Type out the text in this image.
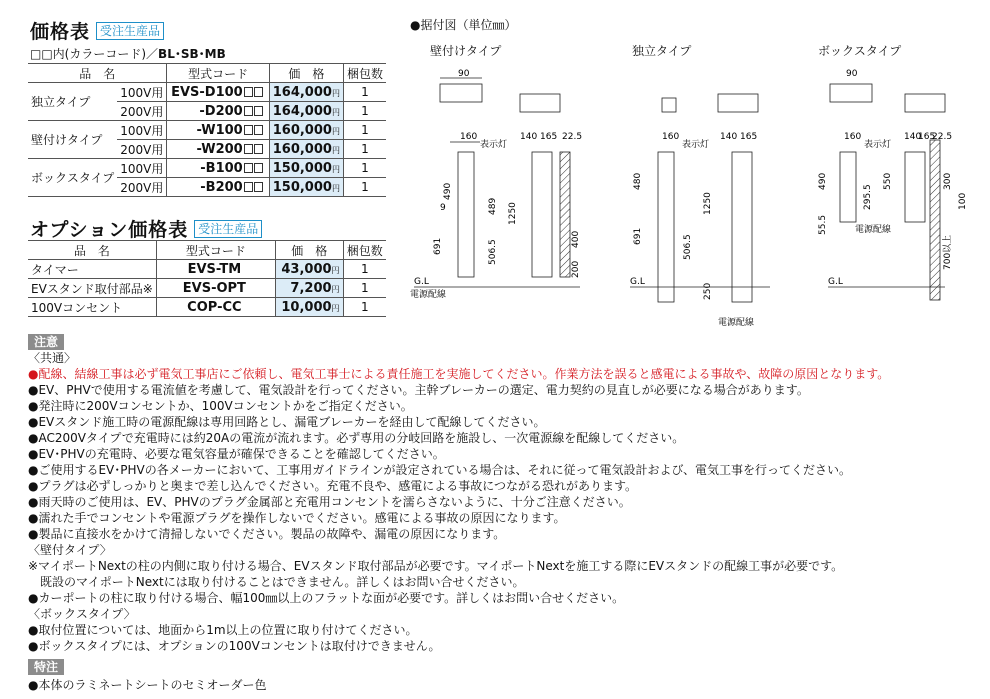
価格表 受注生産品
□□内(カラーコード)／BL･SB･MB
品　名		型式コード	価　格	梱包数
独立タイプ	100V用	EVS-D100	164,000円	1
	200V用	-D200	164,000円	1
壁付けタイプ	100V用	-W100	160,000円	1
	200V用	-W200	160,000円	1
ボックスタイプ	100V用	-B100	150,000円	1
	200V用	-B200	150,000円	1
オプション価格表 受注生産品
品　名	型式コード	価　格	梱包数
タイマー	EVS-TM	43,000円	1
EVスタンド取付部品※	EVS-OPT	7,200円	1
100Vコンセント	COP-CC	10,000円	1
●据付図（単位㎜）
壁付けタイプ	独立タイプ	ボックスタイプ
90
160
表示灯
140 165 22.5
490
9	489 1250
691	506.5	400
200
G.L
電源配線
160
表示灯
140 165
480
691
1250
506.5
250
G.L
電源配線
90
160
表示灯
140
165
22.5
490
295.5
550	300
100
700以上
55.5	電源配線
G.L
注意
〈共通〉
●配線、結線工事は必ず電気工事店にご依頼し、電気工事士による責任施工を実施してください。作業方法を誤ると感電による事故や、故障の原因となります。
●EV、PHVで使用する電流値を考慮して、電気設計を行ってください。主幹ブレーカーの選定、電力契約の見直しが必要になる場合があります。
●発注時に200Vコンセントか、100Vコンセントかをご指定ください。
●EVスタンド施工時の電源配線は専用回路とし、漏電ブレーカーを経由して配線してください。
●AC200Vタイプで充電時には約20Aの電流が流れます。必ず専用の分岐回路を施設し、一次電源線を配線してください。
●EV･PHVの充電時、必要な電気容量が確保できることを確認してください。
●ご使用するEV･PHVの各メーカーにおいて、工事用ガイドラインが設定されている場合は、それに従って電気設計および、電気工事を行ってください。
●プラグは必ずしっかりと奥まで差し込んでください。充電不良や、感電による事故につながる恐れがあります。
●雨天時のご使用は、EV、PHVのプラグ金属部と充電用コンセントを濡らさないように、十分ご注意ください。
●濡れた手でコンセントや電源プラグを操作しないでください。感電による事故の原因になります。
●製品に直接水をかけて清掃しないでください。製品の故障や、漏電の原因になります。
〈壁付タイプ〉
※マイポートNextの柱の内側に取り付ける場合、EVスタンド取付部品が必要です。マイポートNextを施工する際にEVスタンドの配線工事が必要です。
　既設のマイポートNextには取り付けることはできません。詳しくはお問い合せください。
●カーポートの柱に取り付ける場合、幅100㎜以上のフラットな面が必要です。詳しくはお問い合せください。
〈ボックスタイプ〉
●取付位置については、地面から1m以上の位置に取り付けてください。
●ボックスタイプには、オプションの100Vコンセントは取付けできません。
特注
●本体のラミネートシートのセミオーダー色
